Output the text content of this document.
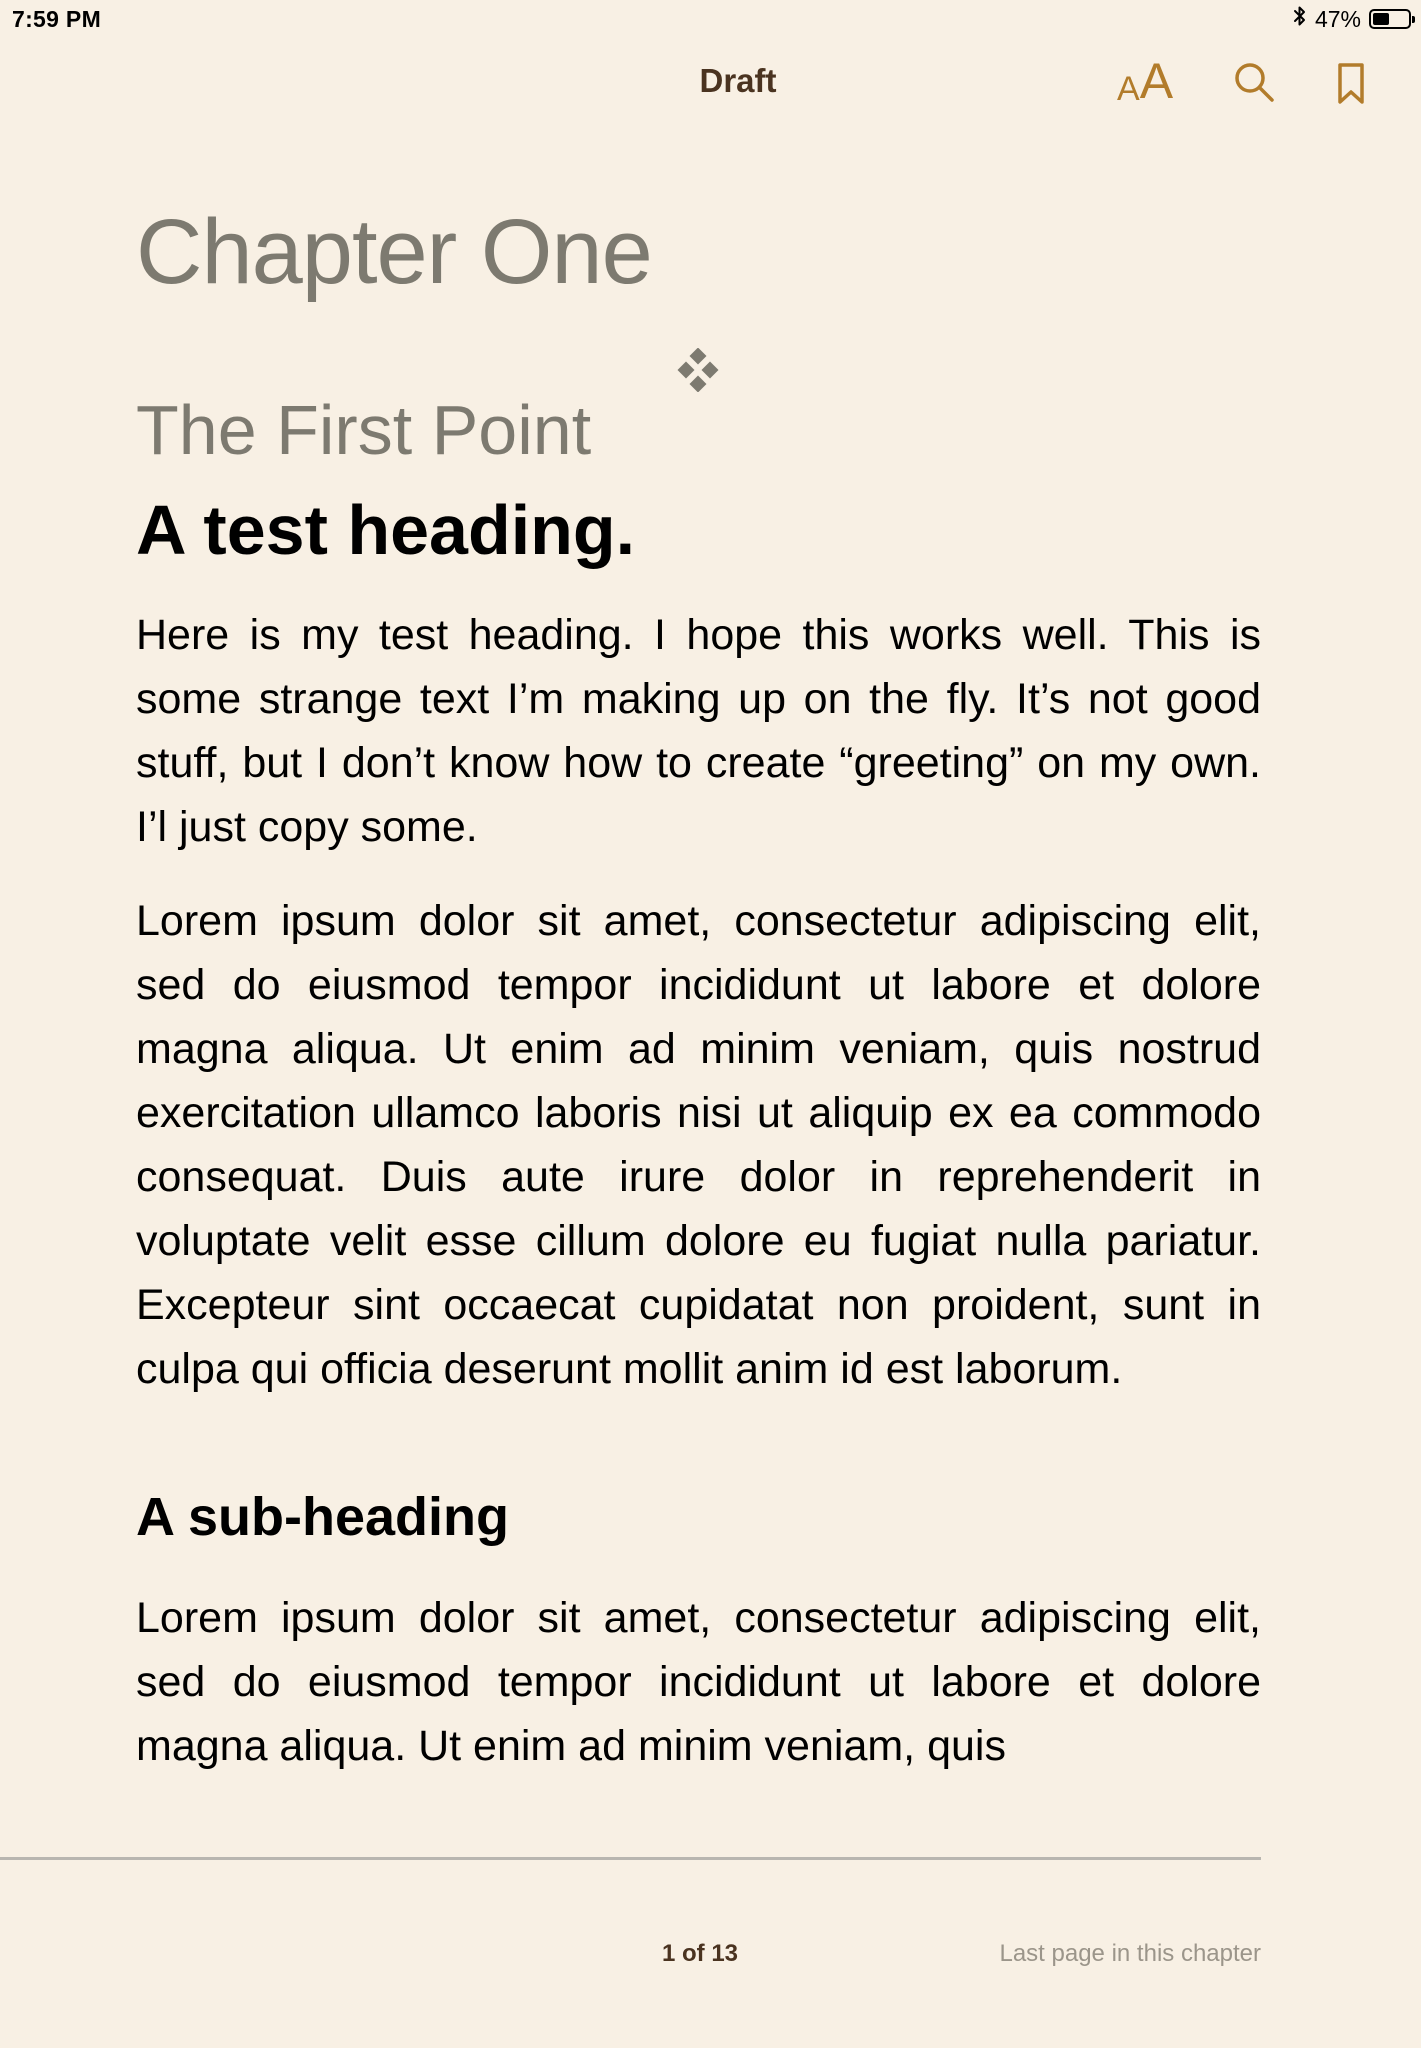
7:59 PM	47%
Draft	A A
Chapter One
The First Point
A test heading.

Here is my test heading. I hope this works well. This is some strange text I’m making up on the fly. It’s not good stuff, but I don’t know how to create “greeting” on my own. I’l just copy some.

Lorem ipsum dolor sit amet, consectetur adipiscing elit, sed do eiusmod tempor incididunt ut labore et dolore magna aliqua. Ut enim ad minim veniam, quis nostrud exercitation ullamco laboris nisi ut aliquip ex ea commodo consequat. Duis aute irure dolor in reprehenderit in voluptate velit esse cillum dolore eu fugiat nulla pariatur. Excepteur sint occaecat cupidatat non proident, sunt in culpa qui officia deserunt mollit anim id est laborum.

A sub-heading

Lorem ipsum dolor sit amet, consectetur adipiscing elit, sed do eiusmod tempor incididunt ut labore et dolore magna aliqua. Ut enim ad minim veniam, quis

1 of 13	Last page in this chapter
